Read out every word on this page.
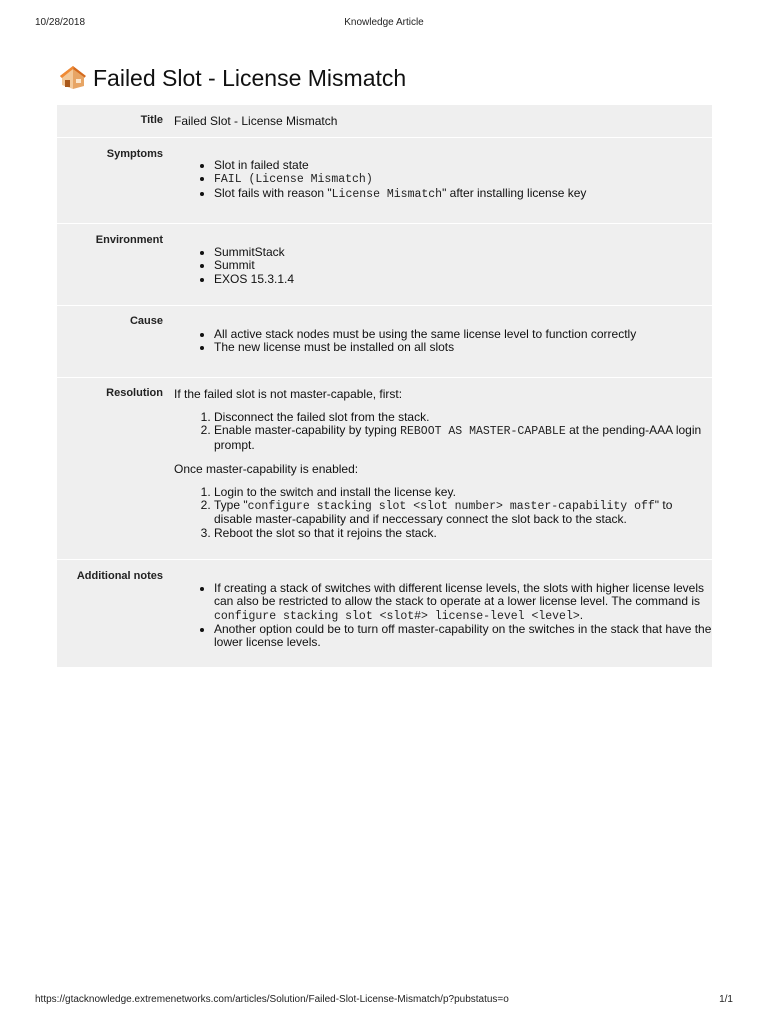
10/28/2018	Knowledge Article
Failed Slot - License Mismatch
Title Failed Slot - License Mismatch
Symptoms
• Slot in failed state
• FAIL (License Mismatch)
• Slot fails with reason "License Mismatch" after installing license key
Environment
• SummitStack
• Summit
• EXOS 15.3.1.4
Cause
• All active stack nodes must be using the same license level to function correctly
• The new license must be installed on all slots
Resolution If the failed slot is not master-capable, first:

1. Disconnect the failed slot from the stack.
2. Enable master-capability by typing REBOOT AS MASTER-CAPABLE at the pending-AAA login prompt.

Once master-capability is enabled:

1. Login to the switch and install the license key.
2. Type "configure stacking slot <slot number> master-capability off" to disable master-capability and if neccessary connect the slot back to the stack.
3. Reboot the slot so that it rejoins the stack.
Additional notes
• If creating a stack of switches with different license levels, the slots with higher license levels can also be restricted to allow the stack to operate at a lower license level. The command is configure stacking slot <slot#> license-level <level>.
• Another option could be to turn off master-capability on the switches in the stack that have the lower license levels.
https://gtacknowledge.extremenetworks.com/articles/Solution/Failed-Slot-License-Mismatch/p?pubstatus=o	1/1
